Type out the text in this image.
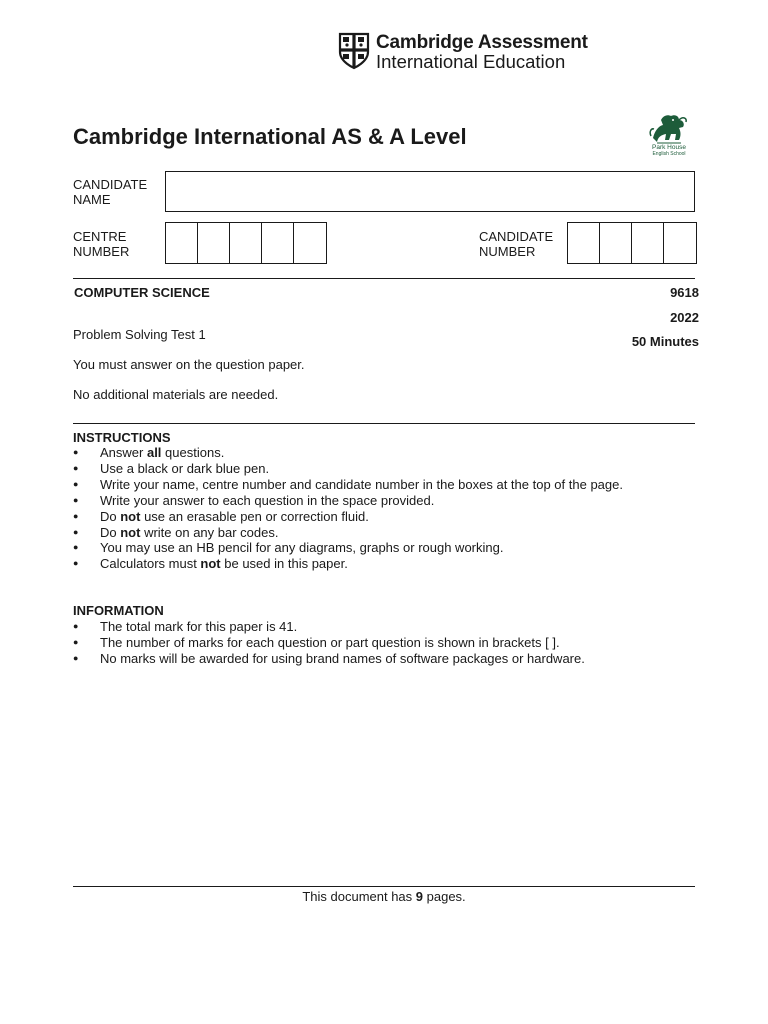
Cambridge Assessment
International Education
Cambridge International AS & A Level	Park House
English School
CANDIDATE
NAME
CENTRE
NUMBER
CANDIDATE
NUMBER
COMPUTER SCIENCE	9618
2022
Problem Solving Test 1	50 Minutes
You must answer on the question paper.
No additional materials are needed.
INSTRUCTIONS
● Answer all questions.
● Use a black or dark blue pen.
● Write your name, centre number and candidate number in the boxes at the top of the page.
● Write your answer to each question in the space provided.
● Do not use an erasable pen or correction fluid.
● Do not write on any bar codes.
● You may use an HB pencil for any diagrams, graphs or rough working.
● Calculators must not be used in this paper.
INFORMATION
● The total mark for this paper is 41.
● The number of marks for each question or part question is shown in brackets [ ].
● No marks will be awarded for using brand names of software packages or hardware.
This document has 9 pages.
